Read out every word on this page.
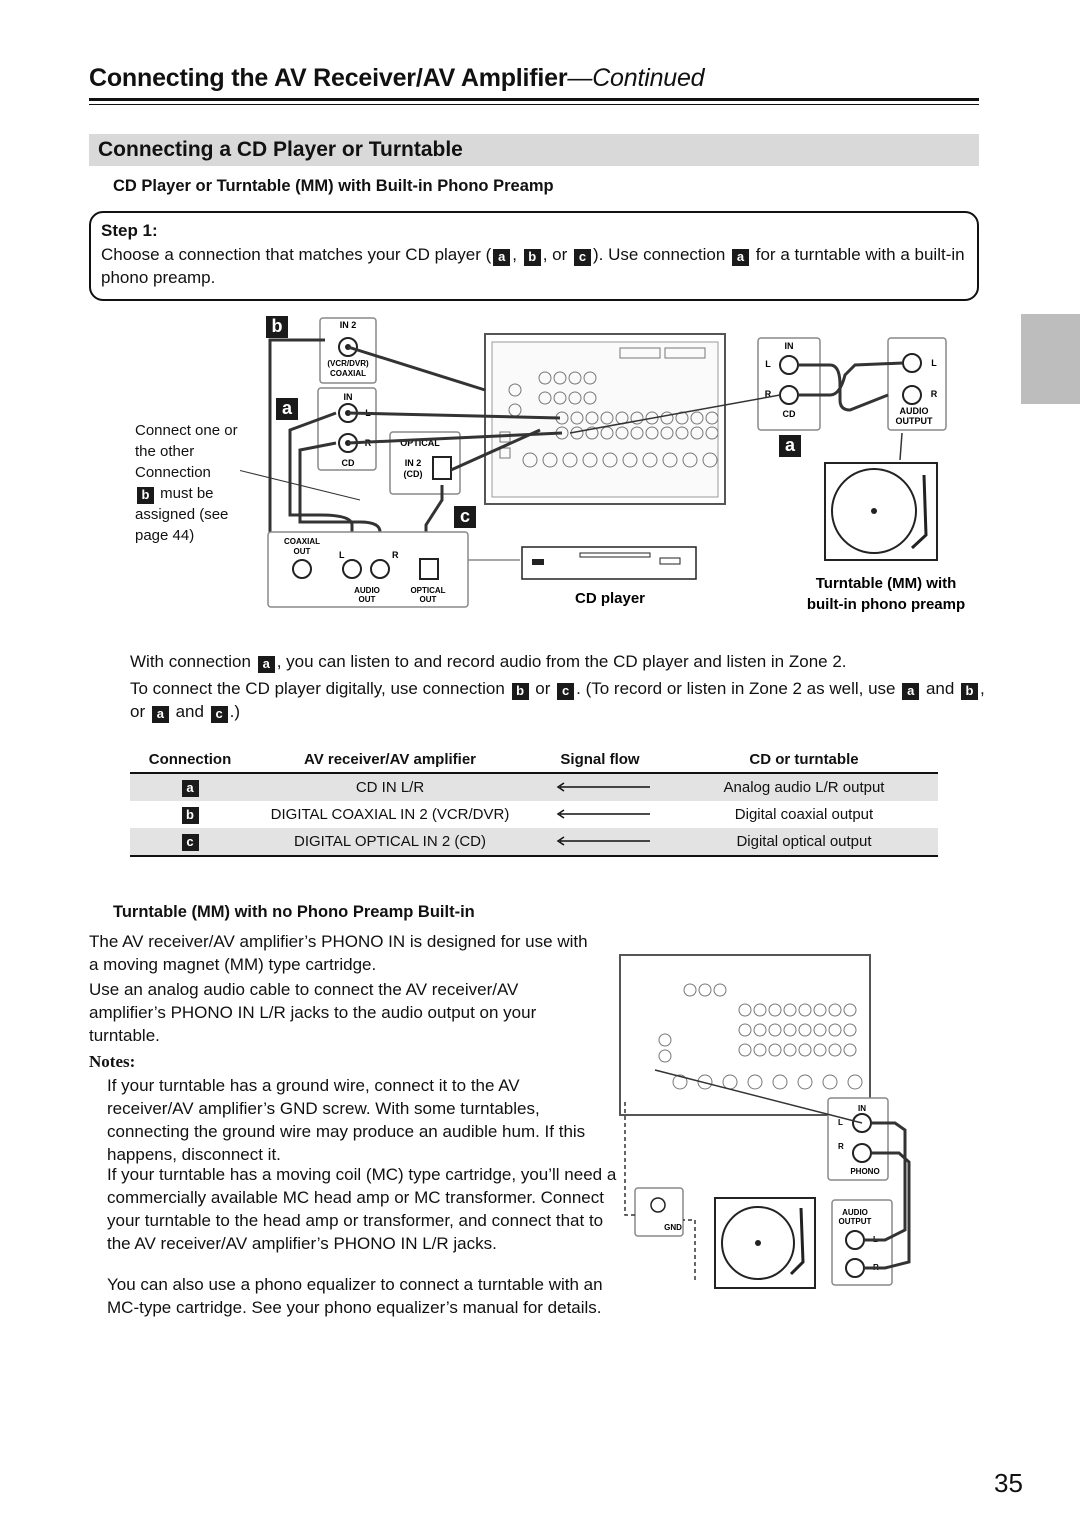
Connecting the AV Receiver/AV Amplifier—Continued
Connecting a CD Player or Turntable
CD Player or Turntable (MM) with Built-in Phono Preamp
Step 1:
Choose a connection that matches your CD player ( a , b , or c ). Use connection a for a turntable with a built-in phono preamp.
IN 2
(VCR/DVR)
COAXIAL
IN
L
R
CD
OPTICAL
IN 2
(CD)
COAXIAL
OUT	L	R
AUDIO
OUT
OPTICAL
OUT	CD player
IN
L
R
CD
L
R
AUDIO
OUTPUT
Turntable (MM) with
built-in phono preamp
b
a
c
a
Connect one or the other Connection
b must be assigned (see page 44)
With connection a , you can listen to and record audio from the CD player and listen in Zone 2.
To connect the CD player digitally, use connection b or c . (To record or listen in Zone 2 as well, use a and b , or a and c .)
Connection	AV receiver/AV amplifier	Signal flow	CD or turntable
a	CD IN L/R		Analog audio L/R output
b	DIGITAL COAXIAL IN 2 (VCR/DVR)		Digital coaxial output
c	DIGITAL OPTICAL IN 2 (CD)		Digital optical output
Turntable (MM) with no Phono Preamp Built-in
The AV receiver/AV amplifier’s PHONO IN is designed for use with a moving magnet (MM) type cartridge.
Use an analog audio cable to connect the AV receiver/AV amplifier’s PHONO IN L/R jacks to the audio output on your turntable.
Notes:
If your turntable has a ground wire, connect it to the AV receiver/AV amplifier’s GND screw. With some turntables, connecting the ground wire may produce an audible hum. If this happens, disconnect it.
If your turntable has a moving coil (MC) type cartridge, you’ll need a commercially available MC head amp or MC transformer. Connect your turntable to the head amp or transformer, and connect that to the AV receiver/AV amplifier’s PHONO IN L/R jacks.
You can also use a phono equalizer to connect a turntable with an MC-type cartridge. See your phono equalizer’s manual for details.
IN
L
R
PHONO
GND
AUDIO
OUTPUT
L
R
35
